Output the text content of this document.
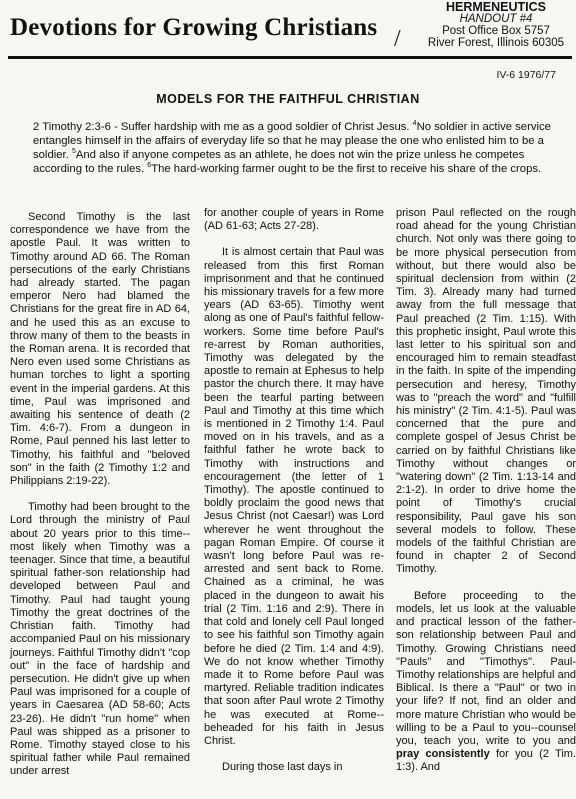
Devotions for Growing Christians /
HERMENEUTICS
HANDOUT #4
Post Office Box 5757
River Forest, Illinois 60305
IV-6 1976/77
MODELS FOR THE FAITHFUL CHRISTIAN
2 Timothy 2:3-6 - Suffer hardship with me as a good soldier of Christ Jesus. $^4$No soldier in active service entangles himself in the affairs of everyday life so that he may please the one who enlisted him to be a soldier. $^5$And also if anyone competes as an athlete, he does not win the prize unless he competes according to the rules. $^6$The hard-working farmer ought to be the first to receive his share of the crops.

Second Timothy is the last correspondence we have from the apostle Paul. It was written to Timothy around AD 66. The Roman persecutions of the early Christians had already started. The pagan emperor Nero had blamed the Christians for the great fire in AD 64, and he used this as an excuse to throw many of them to the beasts in the Roman arena. It is recorded that Nero even used some Christians as human torches to light a sporting event in the imperial gardens. At this time, Paul was imprisoned and awaiting his sentence of death (2 Tim. 4:6-7). From a dungeon in Rome, Paul penned his last letter to Timothy, his faithful and "beloved son" in the faith (2 Timothy 1:2 and Philippians 2:19-22).

Timothy had been brought to the Lord through the ministry of Paul about 20 years prior to this time--most likely when Timothy was a teenager. Since that time, a beautiful spiritual father-son relationship had developed between Paul and Timothy. Paul had taught young Timothy the great doctrines of the Christian faith. Timothy had accompanied Paul on his missionary journeys. Faithful Timothy didn't "cop out" in the face of hardship and persecution. He didn't give up when Paul was imprisoned for a couple of years in Caesarea (AD 58-60; Acts 23-26). He didn't "run home" when Paul was shipped as a prisoner to Rome. Timothy stayed close to his spiritual father while Paul remained under arrest

for another couple of years in Rome (AD 61-63; Acts 27-28).

It is almost certain that Paul was released from this first Roman imprisonment and that he continued his missionary travels for a few more years (AD 63-65). Timothy went along as one of Paul's faithful fellow-workers. Some time before Paul's re-arrest by Roman authorities, Timothy was delegated by the apostle to remain at Ephesus to help pastor the church there. It may have been the tearful parting between Paul and Timothy at this time which is mentioned in 2 Timothy 1:4. Paul moved on in his travels, and as a faithful father he wrote back to Timothy with instructions and encouragement (the letter of 1 Timothy). The apostle continued to boldly proclaim the good news that Jesus Christ (not Caesar!) was Lord wherever he went throughout the pagan Roman Empire. Of course it wasn't long before Paul was re-arrested and sent back to Rome. Chained as a criminal, he was placed in the dungeon to await his trial (2 Tim. 1:16 and 2:9). There in that cold and lonely cell Paul longed to see his faithful son Timothy again before he died (2 Tim. 1:4 and 4:9). We do not know whether Timothy made it to Rome before Paul was martyred. Reliable tradition indicates that soon after Paul wrote 2 Timothy he was executed at Rome--beheaded for his faith in Jesus Christ.

During those last days in

prison Paul reflected on the rough road ahead for the young Christian church. Not only was there going to be more physical persecution from without, but there would also be spiritual declension from within (2 Tim. 3). Already many had turned away from the full message that Paul preached (2 Tim. 1:15). With this prophetic insight, Paul wrote this last letter to his spiritual son and encouraged him to remain steadfast in the faith. In spite of the impending persecution and heresy, Timothy was to "preach the word" and "fulfill his ministry" (2 Tim. 4:1-5). Paul was concerned that the pure and complete gospel of Jesus Christ be carried on by faithful Christians like Timothy without changes or "watering down" (2 Tim. 1:13-14 and 2:1-2). In order to drive home the point of Timothy's crucial responsibility, Paul gave his son several models to follow. These models of the faithful Christian are found in chapter 2 of Second Timothy.

Before proceeding to the models, let us look at the valuable and practical lesson of the father-son relationship between Paul and Timothy. Growing Christians need "Pauls" and "Timothys". Paul-Timothy relationships are helpful and Biblical. Is there a "Paul" or two in your life? If not, find an older and more mature Christian who would be willing to be a Paul to you--counsel you, teach you, write to you and pray consistently for you (2 Tim. 1:3). And
